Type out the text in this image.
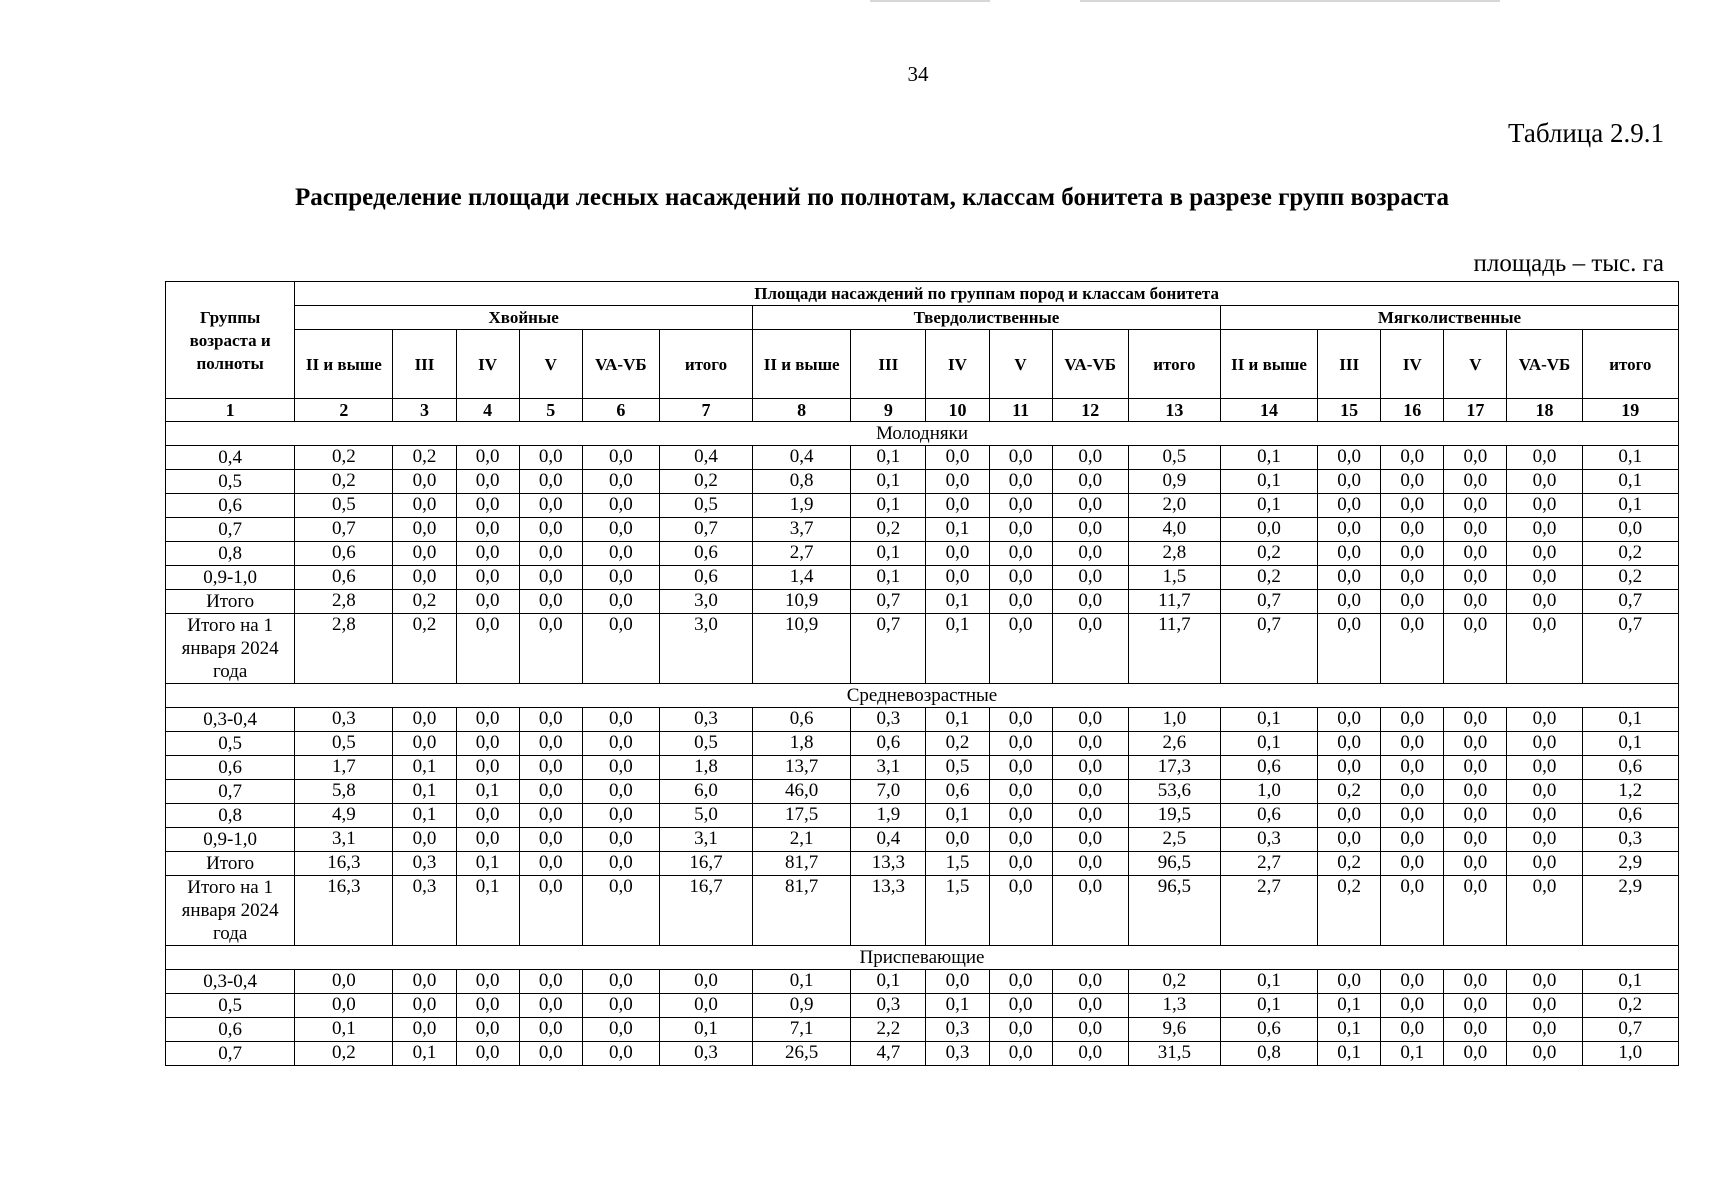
34
Таблица 2.9.1
Распределение площади лесных насаждений по полнотам, классам бонитета в разрезе групп возраста
площадь – тыс. га
Группы возраста и полноты	Площади насаждений по группам пород и классам бонитета																	
	Хвойные						Твердолиственные						Мягколиственные					
	II и выше	III	IV	V	VA-VБ	итого	II и выше	III	IV	V	VA-VБ	итого	II и выше	III	IV	V	VA-VБ	итого
1	2	3	4	5	6	7	8	9	10	11	12	13	14	15	16	17	18	19
Молодняки																		
0,4	0,2	0,2	0,0	0,0	0,0	0,4	0,4	0,1	0,0	0,0	0,0	0,5	0,1	0,0	0,0	0,0	0,0	0,1
0,5	0,2	0,0	0,0	0,0	0,0	0,2	0,8	0,1	0,0	0,0	0,0	0,9	0,1	0,0	0,0	0,0	0,0	0,1
0,6	0,5	0,0	0,0	0,0	0,0	0,5	1,9	0,1	0,0	0,0	0,0	2,0	0,1	0,0	0,0	0,0	0,0	0,1
0,7	0,7	0,0	0,0	0,0	0,0	0,7	3,7	0,2	0,1	0,0	0,0	4,0	0,0	0,0	0,0	0,0	0,0	0,0
0,8	0,6	0,0	0,0	0,0	0,0	0,6	2,7	0,1	0,0	0,0	0,0	2,8	0,2	0,0	0,0	0,0	0,0	0,2
0,9-1,0	0,6	0,0	0,0	0,0	0,0	0,6	1,4	0,1	0,0	0,0	0,0	1,5	0,2	0,0	0,0	0,0	0,0	0,2
Итого	2,8	0,2	0,0	0,0	0,0	3,0	10,9	0,7	0,1	0,0	0,0	11,7	0,7	0,0	0,0	0,0	0,0	0,7
Итого на 1 января 2024 года	2,8	0,2	0,0	0,0	0,0	3,0	10,9	0,7	0,1	0,0	0,0	11,7	0,7	0,0	0,0	0,0	0,0	0,7
Средневозрастные																		
0,3-0,4	0,3	0,0	0,0	0,0	0,0	0,3	0,6	0,3	0,1	0,0	0,0	1,0	0,1	0,0	0,0	0,0	0,0	0,1
0,5	0,5	0,0	0,0	0,0	0,0	0,5	1,8	0,6	0,2	0,0	0,0	2,6	0,1	0,0	0,0	0,0	0,0	0,1
0,6	1,7	0,1	0,0	0,0	0,0	1,8	13,7	3,1	0,5	0,0	0,0	17,3	0,6	0,0	0,0	0,0	0,0	0,6
0,7	5,8	0,1	0,1	0,0	0,0	6,0	46,0	7,0	0,6	0,0	0,0	53,6	1,0	0,2	0,0	0,0	0,0	1,2
0,8	4,9	0,1	0,0	0,0	0,0	5,0	17,5	1,9	0,1	0,0	0,0	19,5	0,6	0,0	0,0	0,0	0,0	0,6
0,9-1,0	3,1	0,0	0,0	0,0	0,0	3,1	2,1	0,4	0,0	0,0	0,0	2,5	0,3	0,0	0,0	0,0	0,0	0,3
Итого	16,3	0,3	0,1	0,0	0,0	16,7	81,7	13,3	1,5	0,0	0,0	96,5	2,7	0,2	0,0	0,0	0,0	2,9
Итого на 1 января 2024 года	16,3	0,3	0,1	0,0	0,0	16,7	81,7	13,3	1,5	0,0	0,0	96,5	2,7	0,2	0,0	0,0	0,0	2,9
Приспевающие																		
0,3-0,4	0,0	0,0	0,0	0,0	0,0	0,0	0,1	0,1	0,0	0,0	0,0	0,2	0,1	0,0	0,0	0,0	0,0	0,1
0,5	0,0	0,0	0,0	0,0	0,0	0,0	0,9	0,3	0,1	0,0	0,0	1,3	0,1	0,1	0,0	0,0	0,0	0,2
0,6	0,1	0,0	0,0	0,0	0,0	0,1	7,1	2,2	0,3	0,0	0,0	9,6	0,6	0,1	0,0	0,0	0,0	0,7
0,7	0,2	0,1	0,0	0,0	0,0	0,3	26,5	4,7	0,3	0,0	0,0	31,5	0,8	0,1	0,1	0,0	0,0	1,0
